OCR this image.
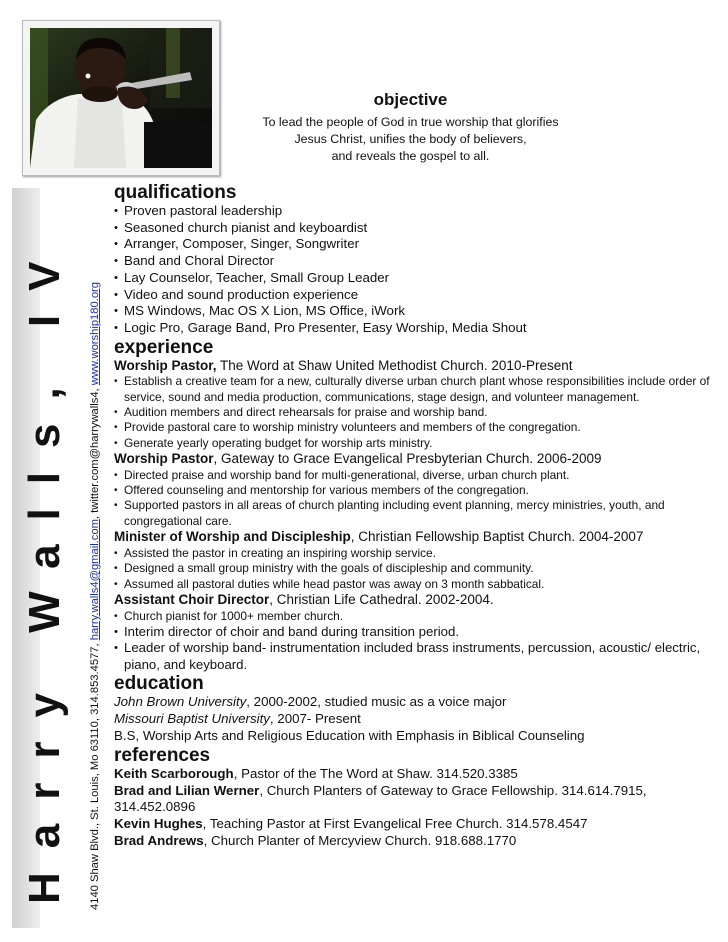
Harry Walls, IV 4140 Shaw Blvd., St. Louis, Mo 63110, 314.853.4577, harry.walls4@gmail.com, twitter.com@harrywalls4, www.worship180.org
objective

To lead the people of God in true worship that glorifies

Jesus Christ, unifies the body of believers,

and reveals the gospel to all.

qualifications
• Proven pastoral leadership
• Seasoned church pianist and keyboardist
• Arranger, Composer, Singer, Songwriter
• Band and Choral Director
• Lay Counselor, Teacher, Small Group Leader
• Video and sound production experience
• MS Windows, Mac OS X Lion, MS Office, iWork
• Logic Pro, Garage Band, Pro Presenter, Easy Worship, Media Shout
experience
Worship Pastor, The Word at Shaw United Methodist Church. 2010-Present
• Establish a creative team for a new, culturally diverse urban church plant whose responsibilities include order of service, sound and media production, communications, stage design, and volunteer management.
• Audition members and direct rehearsals for praise and worship band.
• Provide pastoral care to worship ministry volunteers and members of the congregation.
• Generate yearly operating budget for worship arts ministry.
Worship Pastor, Gateway to Grace Evangelical Presbyterian Church. 2006-2009
• Directed praise and worship band for multi-generational, diverse, urban church plant.
• Offered counseling and mentorship for various members of the congregation.
• Supported pastors in all areas of church planting including event planning, mercy ministries, youth, and congregational care.
Minister of Worship and Discipleship, Christian Fellowship Baptist Church. 2004-2007
• Assisted the pastor in creating an inspiring worship service.
• Designed a small group ministry with the goals of discipleship and community.
• Assumed all pastoral duties while head pastor was away on 3 month sabbatical.
Assistant Choir Director, Christian Life Cathedral. 2002-2004.
• Church pianist for 1000+ member church.
• Interim director of choir and band during transition period.
• Leader of worship band- instrumentation included brass instruments, percussion, acoustic/ electric, piano, and keyboard.
education
John Brown University, 2000-2002, studied music as a voice major
Missouri Baptist University, 2007- Present
B.S, Worship Arts and Religious Education with Emphasis in Biblical Counseling
references
Keith Scarborough, Pastor of the The Word at Shaw. 314.520.3385
Brad and Lilian Werner, Church Planters of Gateway to Grace Fellowship. 314.614.7915, 314.452.0896
Kevin Hughes, Teaching Pastor at First Evangelical Free Church. 314.578.4547
Brad Andrews, Church Planter of Mercyview Church. 918.688.1770
